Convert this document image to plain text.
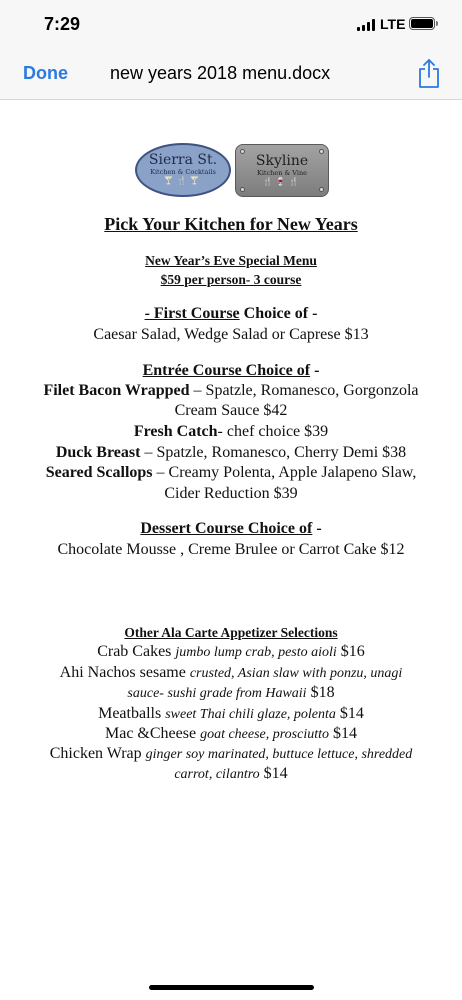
7:29	LTE
Done new years 2018 menu.docx
Sierra St.
Kitchen & Cocktails
🍸🍴🍸
Skyline
Kitchen & Vine
🍴🍷🍴
Pick Your Kitchen for New Years
New Year’s Eve Special Menu
$59 per person- 3 course
- First Course Choice of -
Caesar Salad, Wedge Salad or Caprese $13
Entrée Course Choice of -
Filet Bacon Wrapped – Spatzle, Romanesco, Gorgonzola
Cream Sauce $42
Fresh Catch- chef choice $39
Duck Breast – Spatzle, Romanesco, Cherry Demi $38
Seared Scallops – Creamy Polenta, Apple Jalapeno Slaw,
Cider Reduction $39
Dessert Course Choice of -
Chocolate Mousse , Creme Brulee or Carrot Cake $12
Other Ala Carte Appetizer Selections
Crab Cakes jumbo lump crab, pesto aioli $16
Ahi Nachos sesame crusted, Asian slaw with ponzu, unagi
sauce- sushi grade from Hawaii $18
Meatballs sweet Thai chili glaze, polenta $14
Mac &Cheese goat cheese, prosciutto $14
Chicken Wrap ginger soy marinated, buttuce lettuce, shredded
carrot, cilantro $14
